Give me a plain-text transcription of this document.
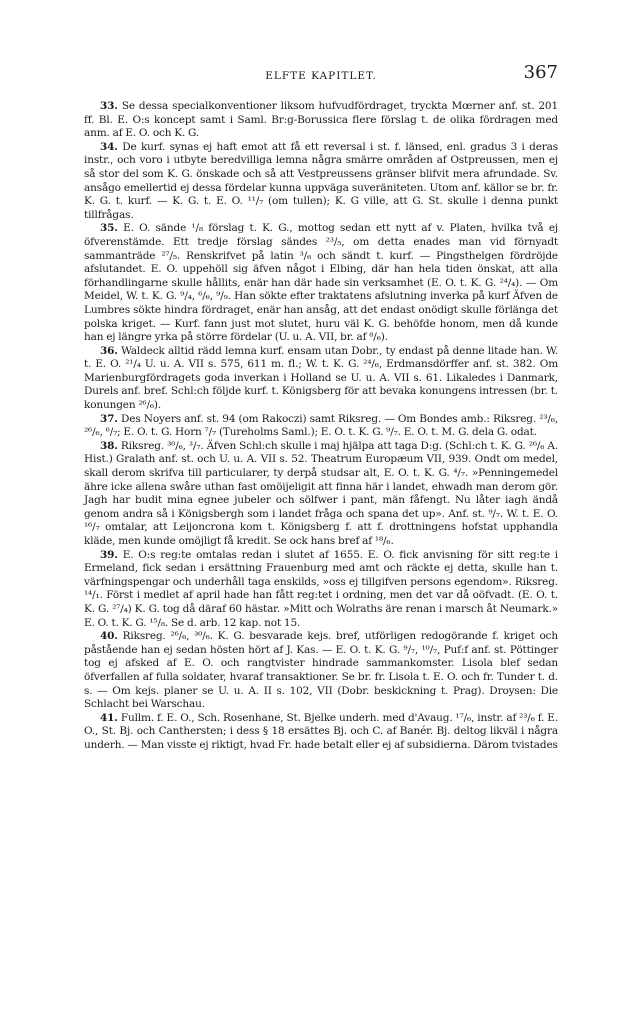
ELFTE KAPITLET.	367

33. Se dessa specialkonventioner liksom hufvudfördraget, tryckta Mœrner anf. st. 201 ff. Bl. E. O:s koncept samt i Saml. Br:g-Borussica flere förslag t. de olika fördragen med anm. af E. O. och K. G.

34. De kurf. synas ej haft emot att få ett reversal i st. f. länsed, enl. gradus 3 i deras instr., och voro i utbyte beredvilliga lemna några smärre områden af Ostpreussen, men ej så stor del som K. G. önskade och så att Vestpreussens gränser blifvit mera afrundade. Sv. ansågo emellertid ej dessa fördelar kunna uppväga suveräniteten. Utom anf. källor se br. fr. K. G. t. kurf. — K. G. t. E. O. ¹¹/₇ (om tullen); K. G ville, att G. St. skulle i denna punkt tillfrågas.

35. E. O. sände ¹/₈ förslag t. K. G., mottog sedan ett nytt af v. Platen, hvilka två ej öfverenstämde. Ett tredje förslag sändes ²³/₅, om detta enades man vid förnyadt sammanträde ²⁷/₅. Renskrifvet på latin ³/₆ och sändt t. kurf. — Pingsthelgen fördröjde afslutandet. E. O. uppehöll sig äfven något i Elbing, där han hela tiden önskat, att alla förhandlingarne skulle hållits, enär han där hade sin verksamhet (E. O. t. K. G. ²⁴/₄). — Om Meidel, W. t. K. G. ⁹/₄, ⁶/₆, ⁹/₉. Han sökte efter traktatens afslutning inverka på kurf Äfven de Lumbres sökte hindra fördraget, enär han ansåg, att det endast onödigt skulle förlänga det polska kriget. — Kurf. fann just mot slutet, huru väl K. G. behöfde honom, men då kunde han ej längre yrka på större fördelar (U. u. A. VII, br. af ⁸/₆).

36. Waldeck alltid rädd lemna kurf. ensam utan Dobr., ty endast på denne litade han. W. t. E. O. ²¹/₄ U. u. A. VII s. 575, 611 m. fl.; W. t. K. G. ²⁴/₆, Erdmansdörffer anf. st. 382. Om Marienburgfördragets goda inverkan i Holland se U. u. A. VII s. 61. Likaledes i Danmark, Durels anf. bref. Schl:ch följde kurf. t. Königsberg för att bevaka konungens intressen (br. t. konungen ²⁶/₆).

37. Des Noyers anf. st. 94 (om Rakoczi) samt Riksreg. — Om Bondes amb.: Riksreg. ²³/₆, ²⁶/₆, ⁶/₇; E. O. t. G. Horn ⁷/₇ (Tureholms Saml.); E. O. t. K. G. ⁹/₇. E. O. t. M. G. dela G. odat.

38. Riksreg. ³⁰/₆, ³/₇. Äfven Schl:ch skulle i maj hjälpa att taga D:g. (Schl:ch t. K. G. ²⁶/₆ A. Hist.) Gralath anf. st. och U. u. A. VII s. 52. Theatrum Europæum VII, 939. Ondt om medel, skall derom skrifva till particularer, ty derpå studsar alt, E. O. t. K. G. ⁴/₇. »Penningemedel ähre icke allena swåre uthan fast omöijeligit att finna här i landet, ehwadh man derom gör. Jagh har budit mina egnee jubeler och sölfwer i pant, män fåfengt. Nu låter iagh ändå genom andra så i Königsbergh som i landet fråga och spana det up». Anf. st. ⁹/₇. W. t. E. O. ¹⁶/₇ omtalar, att Leijoncrona kom t. Königsberg f. att f. drottningens hofstat upphandla kläde, men kunde omöjligt få kredit. Se ock hans bref af ¹⁸/₆.

39. E. O:s reg:te omtalas redan i slutet af 1655. E. O. fick anvisning för sitt reg:te i Ermeland, fick sedan i ersättning Frauenburg med amt och räckte ej detta, skulle han t. värfningspengar och underhåll taga enskilds, »oss ej tillgifven persons egendom». Riksreg. ¹⁴/₁. Först i medlet af april hade han fått reg:tet i ordning, men det var då oöfvadt. (E. O. t. K. G. ²⁷/₄) K. G. tog då däraf 60 hästar. »Mitt och Wolraths äre renan i marsch åt Neumark.» E. O. t. K. G. ¹⁵/₈. Se d. arb. 12 kap. not 15.

40. Riksreg. ²⁶/₆, ³⁰/₆. K. G. besvarade kejs. bref, utförligen redogörande f. kriget och påstående han ej sedan hösten hört af J. Kas. — E. O. t. K. G. ⁹/₇, ¹⁰/₇, Puf:f anf. st. Pöttinger tog ej afsked af E. O. och rangtvister hindrade sammankomster. Lisola blef sedan öfverfallen af fulla soldater, hvaraf transaktioner. Se br. fr. Lisola t. E. O. och fr. Tunder t. d. s. — Om kejs. planer se U. u. A. II s. 102, VII (Dobr. beskickning t. Prag). Droysen: Die Schlacht bei Warschau.

41. Fullm. f. E. O., Sch. Rosenhane, St. Bjelke underh. med d'Avaug. ¹⁷/₆, instr. af ²³/₆ f. E. O., St. Bj. och Canthersten; i dess § 18 ersättes Bj. och C. af Banér. Bj. deltog likväl i några underh. — Man visste ej riktigt, hvad Fr. hade betalt eller ej af subsidierna. Därom tvistades
